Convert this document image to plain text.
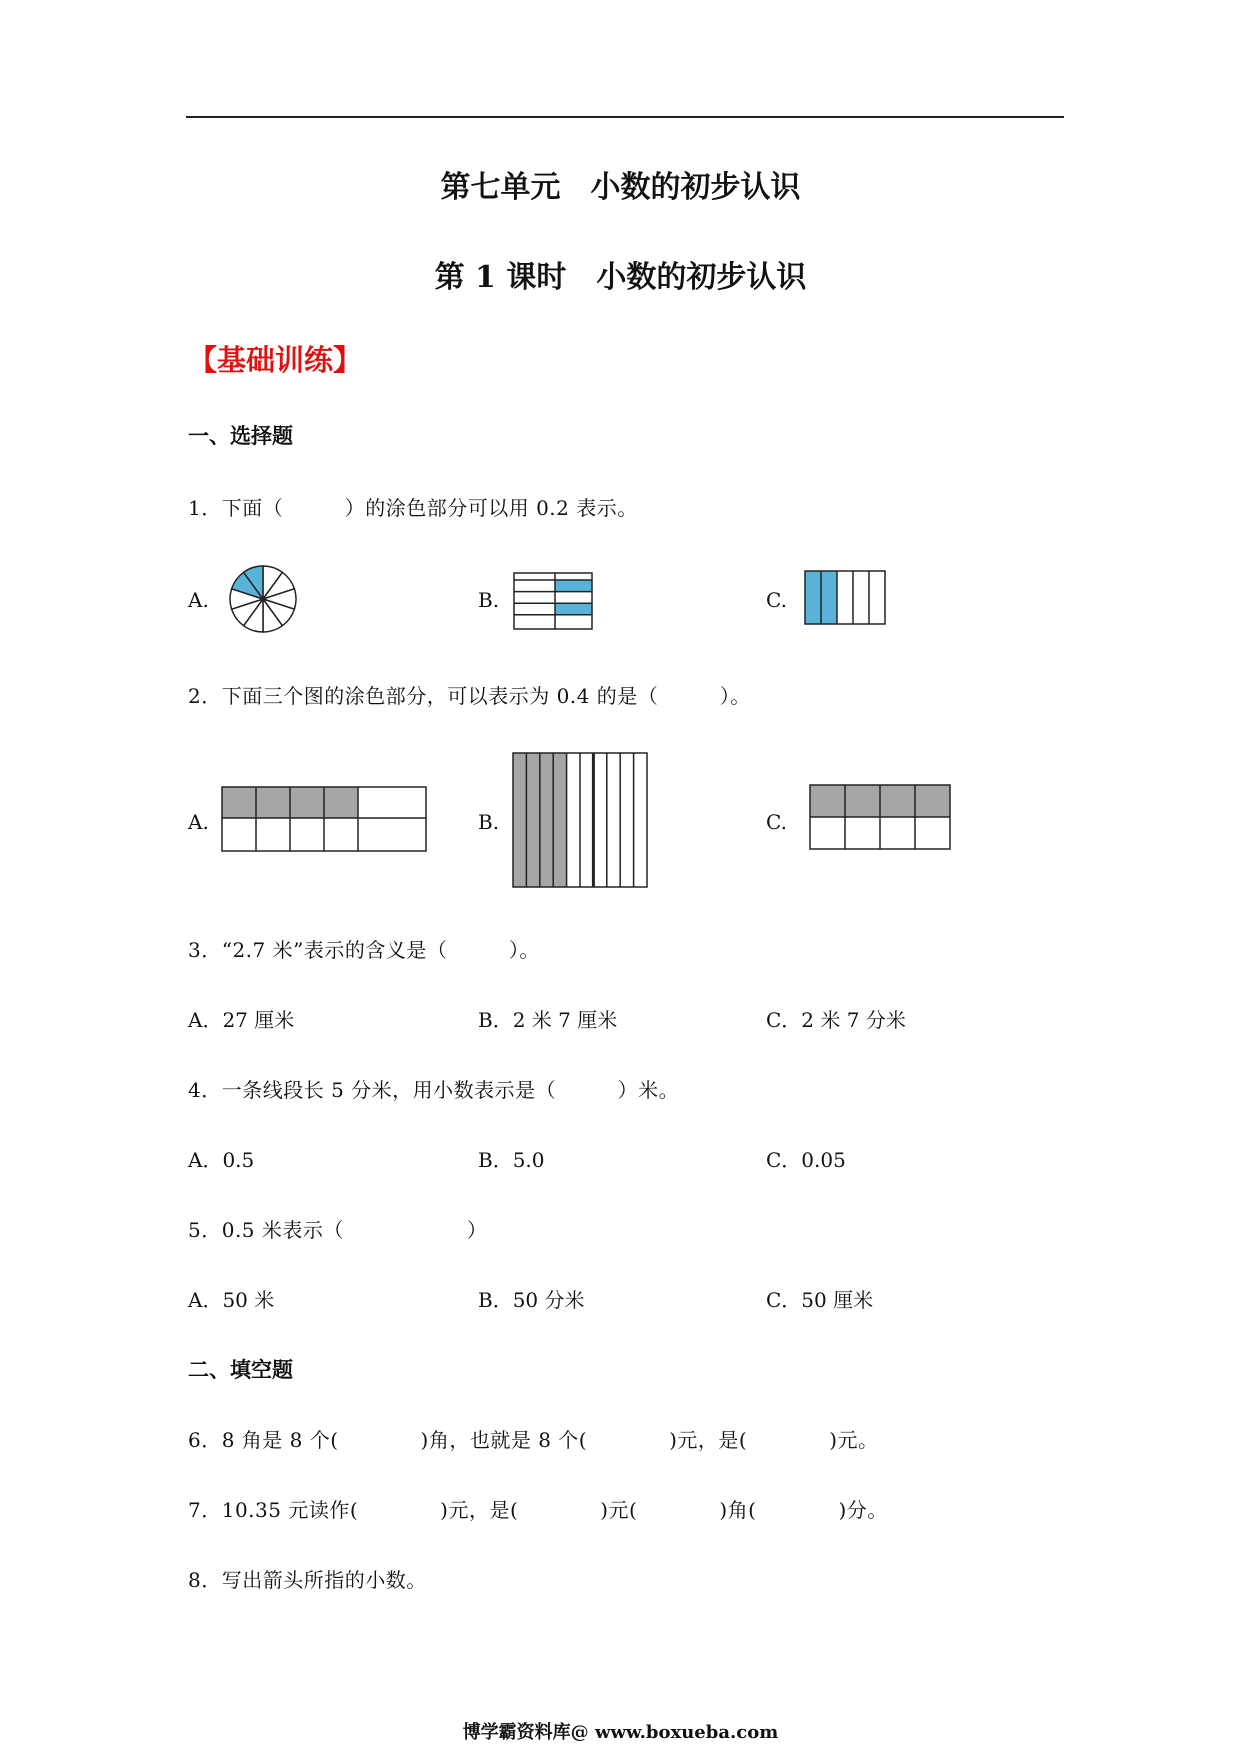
第七单元　小数的初步认识
第 1 课时　小数的初步认识
【基础训练】
一、选择题
1．下面（　　　）的涂色部分可以用 0.2 表示。
A.	B.	C.
2．下面三个图的涂色部分，可以表示为 0.4 的是（　　　）。
A.	B.	C.
3．“2.7 米”表示的含义是（　　　）。
A．27 厘米	B．2 米 7 厘米	C．2 米 7 分米
4．一条线段长 5 分米，用小数表示是（　　　）米。
A．0.5	B．5.0	C．0.05
5．0.5 米表示（　　　　　　）
A．50 米	B．50 分米	C．50 厘米
二、填空题
6．8 角是 8 个(　　　　)角，也就是 8 个(　　　　)元，是(　　　　)元。
7．10.35 元读作(　　　　)元，是(　　　　)元(　　　　)角(　　　　)分。
8．写出箭头所指的小数。
博学霸资料库@ www.boxueba.com
